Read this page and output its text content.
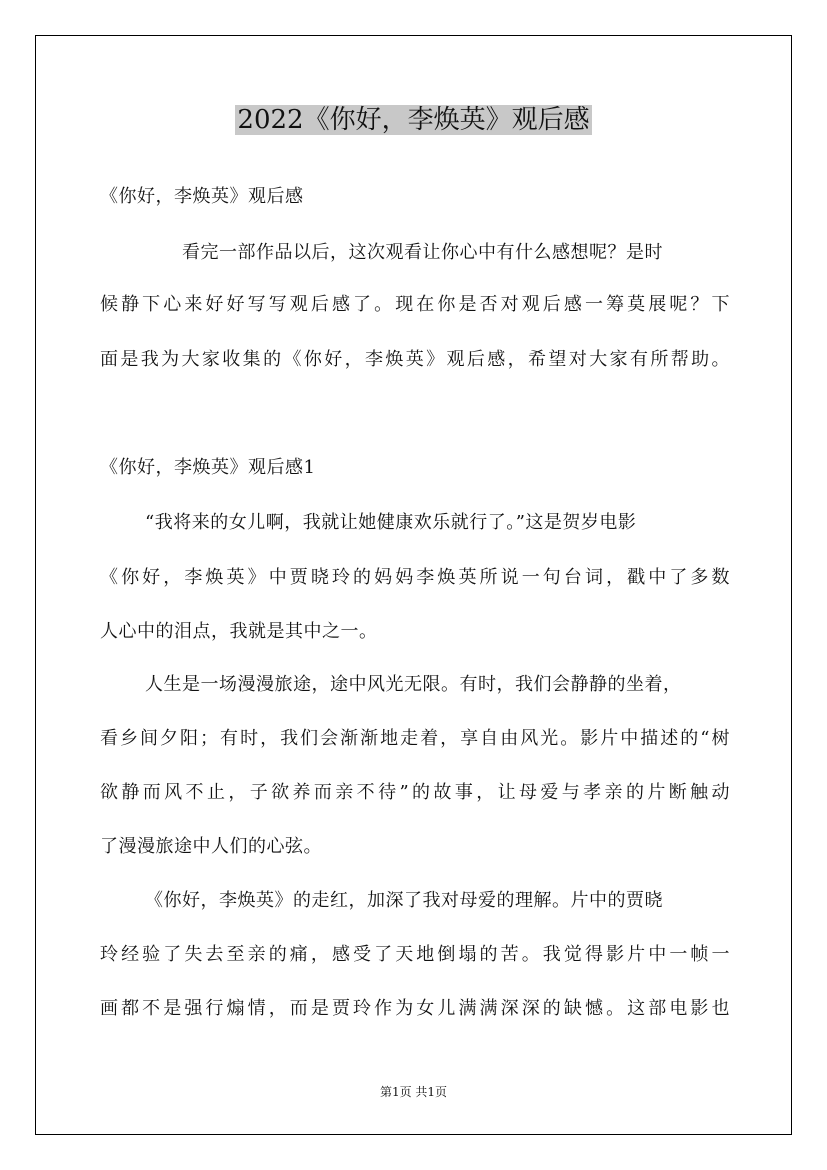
2022《你好，李焕英》观后感
《你好，李焕英》观后感
看完一部作品以后，这次观看让你心中有什么感想呢？是时
候静下心来好好写写观后感了。现在你是否对观后感一筹莫展呢？下
面是我为大家收集的《你好，李焕英》观后感，希望对大家有所帮助。
《你好，李焕英》观后感1
“我将来的女儿啊，我就让她健康欢乐就行了。”这是贺岁电影
《你好，李焕英》中贾晓玲的妈妈李焕英所说一句台词，戳中了多数
人心中的泪点，我就是其中之一。
人生是一场漫漫旅途，途中风光无限。有时，我们会静静的坐着，
看乡间夕阳；有时，我们会渐渐地走着，享自由风光。影片中描述的“树
欲静而风不止，子欲养而亲不待”的故事，让母爱与孝亲的片断触动
了漫漫旅途中人们的心弦。
《你好，李焕英》的走红，加深了我对母爱的理解。片中的贾晓
玲经验了失去至亲的痛，感受了天地倒塌的苦。我觉得影片中一帧一
画都不是强行煽情，而是贾玲作为女儿满满深深的缺憾。这部电影也
第1页 共1页
